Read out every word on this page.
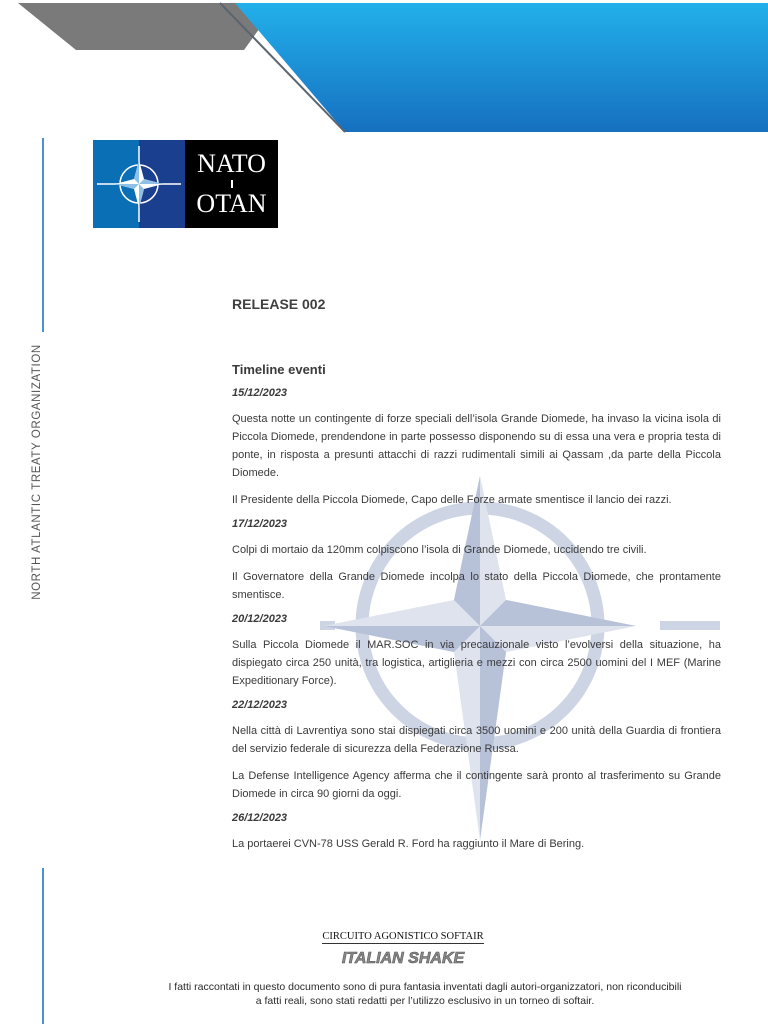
NORTH ATLANTIC TREATY ORGANIZATION
NATO
OTAN
RELEASE 002
Timeline eventi
15/12/2023

Questa notte un contingente di forze speciali dell’isola Grande Diomede, ha invaso la vicina isola di Piccola Diomede, prendendone in parte possesso disponendo su di essa una vera e propria testa di ponte, in risposta a presunti attacchi di razzi rudimentali simili ai Qassam ,da parte della Piccola Diomede.

Il Presidente della Piccola Diomede, Capo delle Forze armate smentisce il lancio dei razzi.

17/12/2023

Colpi di mortaio da 120mm colpiscono l’isola di Grande Diomede, uccidendo tre civili.

Il Governatore della Grande Diomede incolpa lo stato della Piccola Diomede, che prontamente smentisce.

20/12/2023

Sulla Piccola Diomede il MAR.SOC in via precauzionale visto l’evolversi della situazione, ha dispiegato circa 250 unità, tra logistica, artiglieria e mezzi con circa 2500 uomini del I MEF (Marine Expeditionary Force).

22/12/2023

Nella città di Lavrentiya sono stai dispiegati circa 3500 uomini e 200 unità della Guardia di frontiera del servizio federale di sicurezza della Federazione Russa.

La Defense Intelligence Agency afferma che il contingente sarà pronto al trasferimento su Grande Diomede in circa 90 giorni da oggi.

26/12/2023

La portaerei CVN-78 USS Gerald R. Ford ha raggiunto il Mare di Bering.

CIRCUITO AGONISTICO SOFTAIR
ITALIAN SHAKE
I fatti raccontati in questo documento sono di pura fantasia inventati dagli autori-organizzatori, non riconducibili
a fatti reali, sono stati redatti per l’utilizzo esclusivo in un torneo di softair.
